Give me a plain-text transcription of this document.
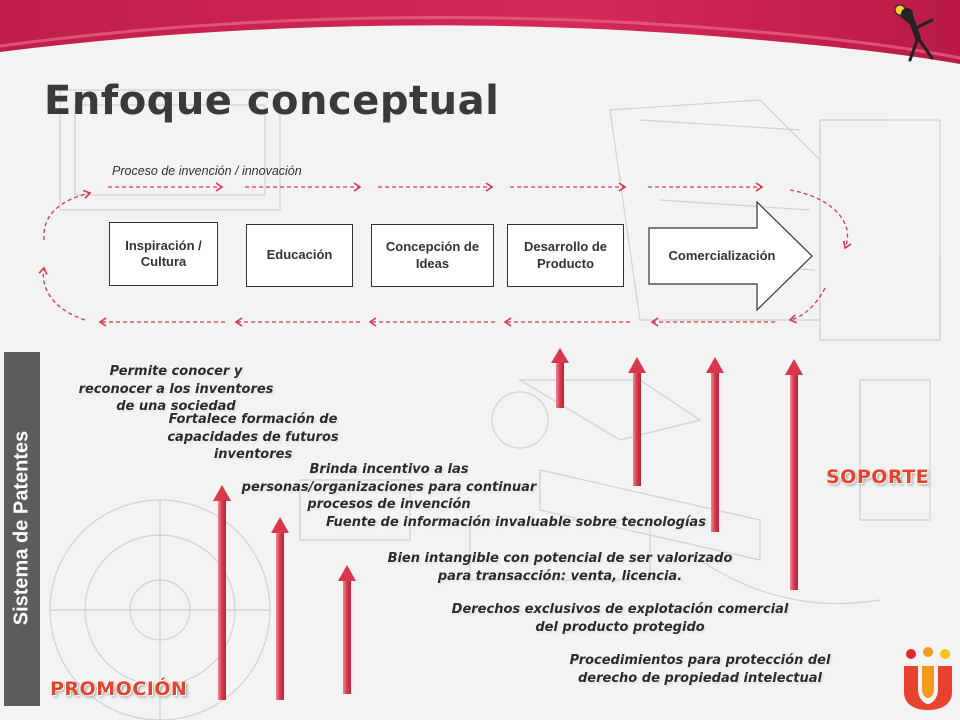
Enfoque conceptual
Proceso de invención / innovación
Inspiración / Cultura	Educación
Concepción de Ideas
Desarrollo de Producto
Comercialización
Sistema de Patentes
Permite conocer y reconocer a los inventores de una sociedad
Fortalece formación de capacidades de futuros inventores
Brinda incentivo a las personas/organizaciones para continuar procesos de invención
Fuente de información invaluable sobre tecnologías
Bien intangible con potencial de ser valorizado para transacción: venta, licencia.
Derechos exclusivos de explotación comercial del producto protegido
Procedimientos para protección del derecho de propiedad intelectual
SOPORTE
PROMOCIÓN
